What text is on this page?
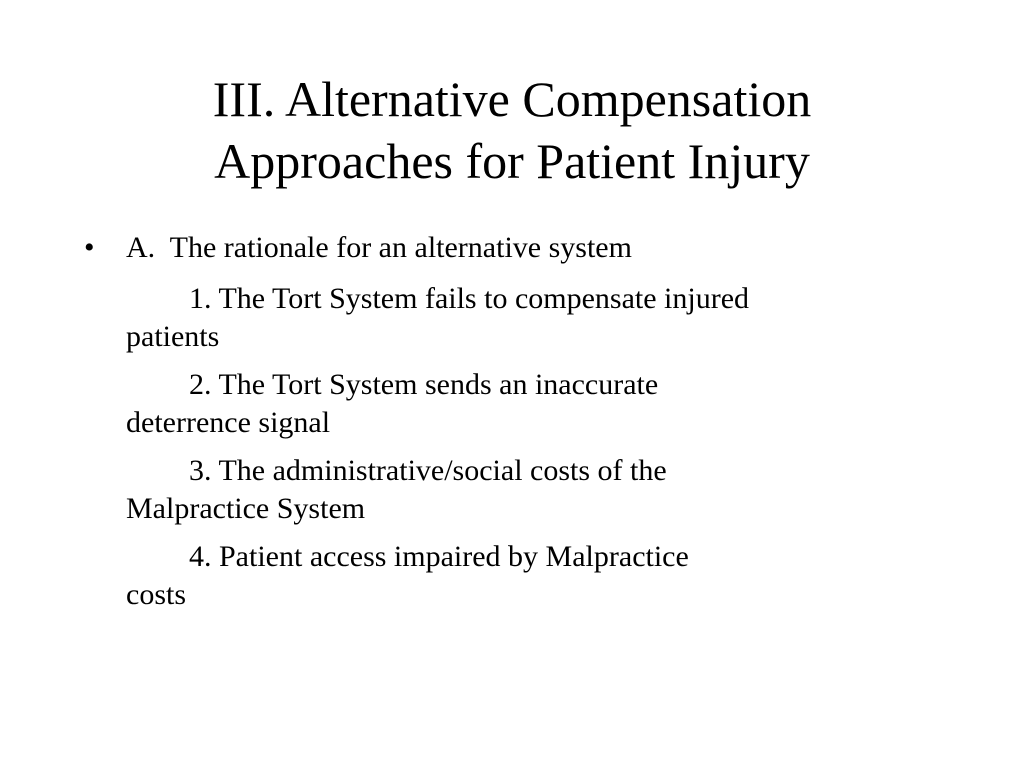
III. Alternative Compensation
Approaches for Patient Injury
•	A.  The rationale for an alternative system
1. The Tort System fails to compensate injured
patients
2. The Tort System sends an inaccurate
deterrence signal
3. The administrative/social costs of the
Malpractice System
4. Patient access impaired by Malpractice
costs
